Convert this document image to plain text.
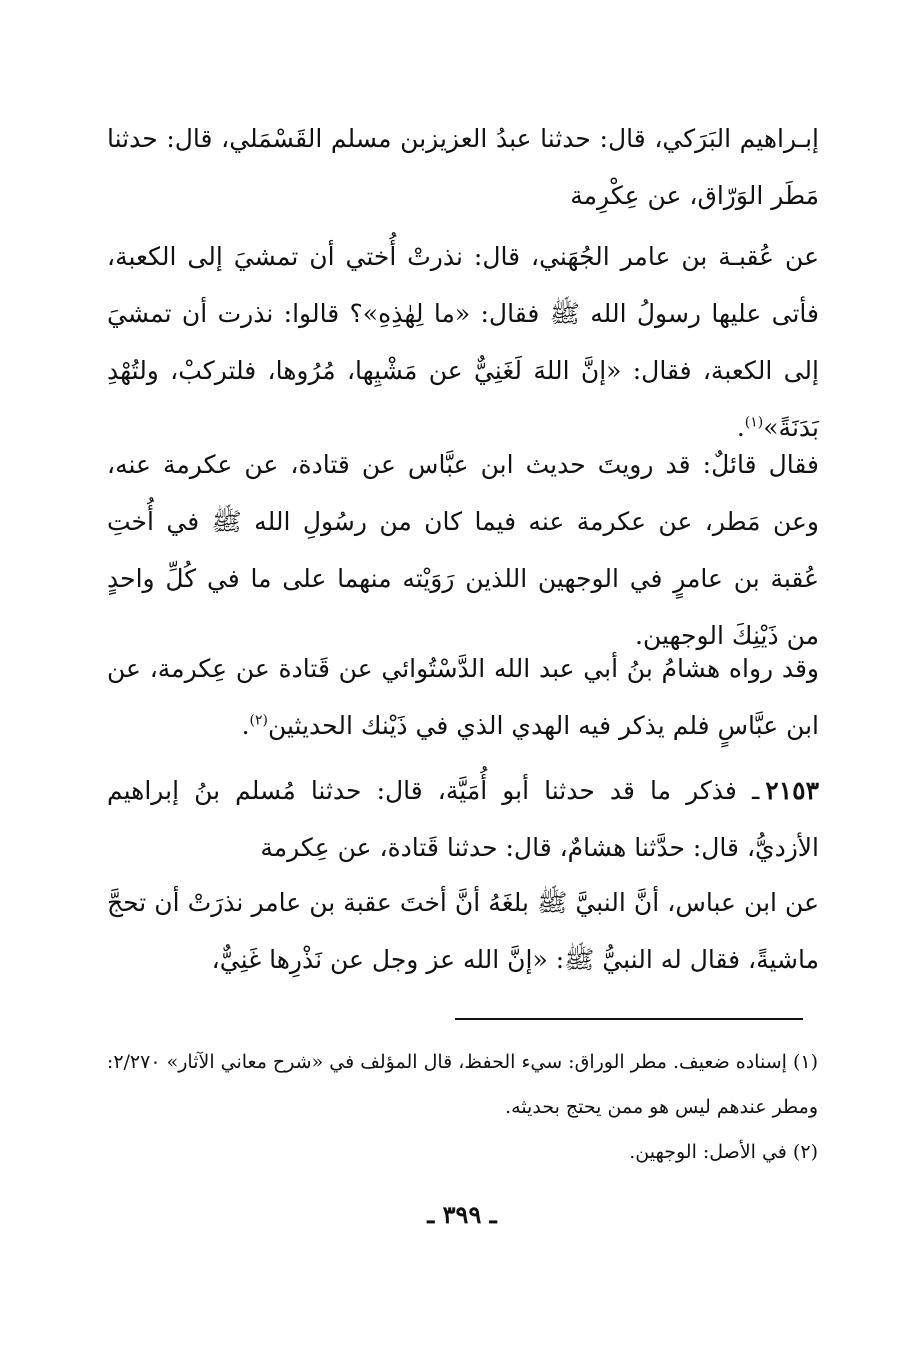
إبـراهيم البَرَكي، قال: حدثنا عبدُ العزيزبن مسلم القَسْمَلي، قال: حدثنا مَطَر الوَرّاق، عن عِكْرِمة

عن عُقبـة بن عامر الجُهَني، قال: نذرتْ أُختي أن تمشيَ إلى الكعبة، فأتى عليها رسولُ الله ﷺ فقال: «ما لِهٰذِهِ»؟ قالوا: نذرت أن تمشيَ إلى الكعبة، فقال: «إنَّ اللهَ لَغَنِيٌّ عن مَشْيِها، مُرُوها، فلتركبْ، ولتُهْدِ بَدَنَةً»$^{(١)}$.

فقال قائلٌ: قد رويتَ حديث ابن عبَّاس عن قتادة، عن عكرمة عنه، وعن مَطر، عن عكرمة عنه فيما كان من رسُولِ الله ﷺ في أُختِ عُقبة بن عامرٍ في الوجهين اللذين رَوَيْته منهما على ما في كُلِّ واحدٍ من ذَيْنِكَ الوجهين.

وقد رواه هشامُ بنُ أبي عبد الله الدَّسْتُوائي عن قَتادة عن عِكرمة، عن ابن عبَّاسٍ فلم يذكر فيه الهدي الذي في ذَيْنك الحديثين$^{(٢)}$.

٢١٥٣ـ فذكر ما قد حدثنا أبو أُمَيَّة، قال: حدثنا مُسلم بنُ إبراهيم الأزديُّ، قال: حدَّثنا هشامٌ، قال: حدثنا قَتادة، عن عِكرمة

عن ابن عباس، أنَّ النبيَّ ﷺ بلغَهُ أنَّ أختَ عقبة بن عامر نذرَتْ أن تحجَّ ماشيةً، فقال له النبيُّ ﷺ: «إنَّ الله عز وجل عن نَذْرِها غَنِيٌّ،

(١) إسناده ضعيف. مطر الوراق: سيء الحفظ، قال المؤلف في «شرح معاني الآثار» ٢/٢٧٠: ومطر عندهم ليس هو ممن يحتج بحديثه.

(٢) في الأصل: الوجهين.

ـ ٣٩٩ ـ
